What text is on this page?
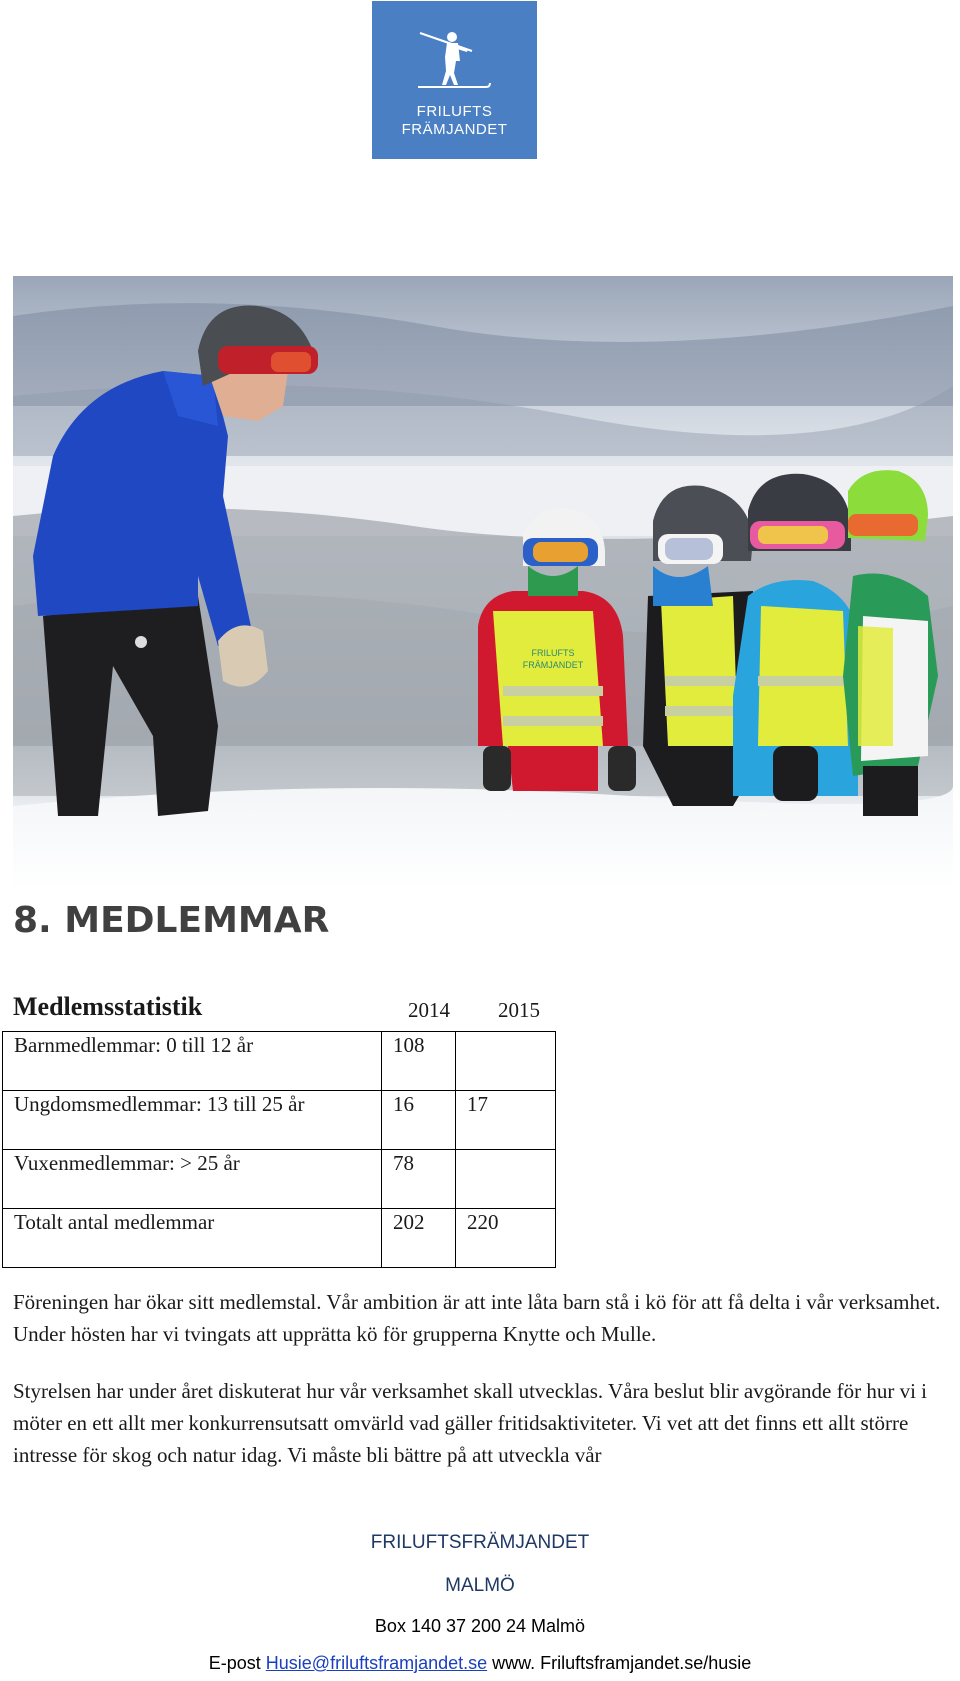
FRILUFTS
FRÄMJANDET
FRILUFTS
FRÄMJANDET
8. MEDLEMMAR
Medlemsstatistik	2014 2015
Barnmedlemmar: 0 till 12 år	108	
Ungdomsmedlemmar: 13 till 25 år	16	17
Vuxenmedlemmar: > 25 år	78	
Totalt antal medlemmar	202	220

Föreningen har ökar sitt medlemstal. Vår ambition är att inte låta barn stå i kö för att få delta i vår verksamhet. Under hösten har vi tvingats att upprätta kö för grupperna Knytte och Mulle.

Styrelsen har under året diskuterat hur vår verksamhet skall utvecklas. Våra beslut blir avgörande för hur vi i möter en ett allt mer konkurrensutsatt omvärld vad gäller fritidsaktiviteter. Vi vet att det finns ett allt större intresse för skog och natur idag. Vi måste bli bättre på att utveckla vår

FRILUFTSFRÄMJANDET

MALMÖ

Box 140 37 200 24 Malmö

E-post Husie@friluftsframjandet.se www. Friluftsframjandet.se/husie
